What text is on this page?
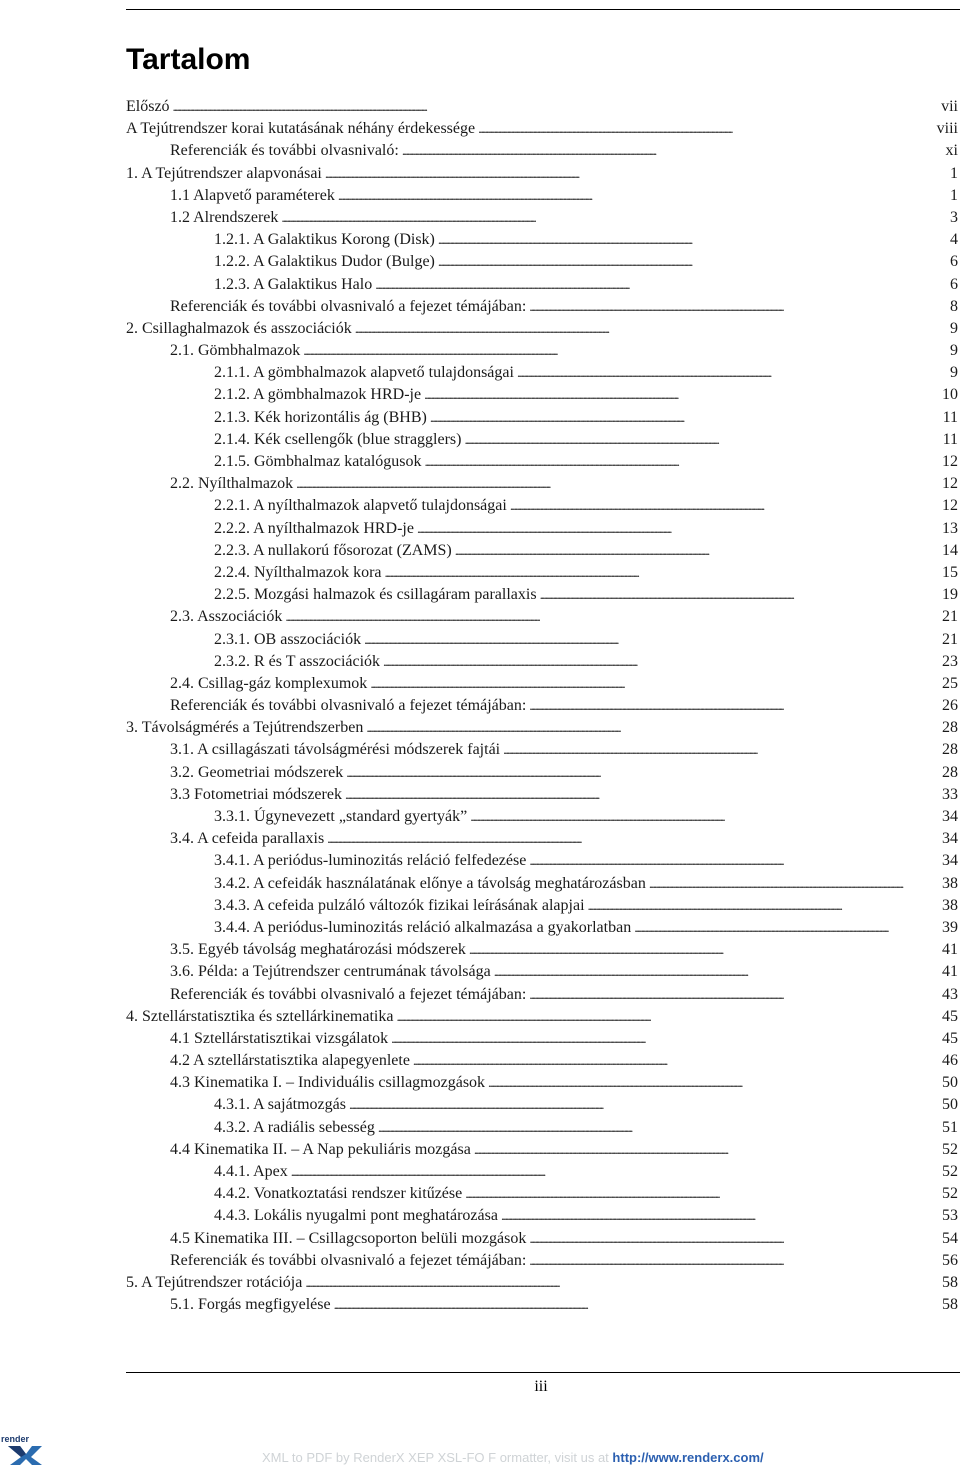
Tartalom
Előszó . . .	vii
A Tejútrendszer korai kutatásának néhány érdekessége . . .	viii
Referenciák és további olvasnivaló: . . .	xi
1. A Tejútrendszer alapvonásai . . .	1
1.1 Alapvető paraméterek . . .	1
1.2 Alrendszerek . . .	3
1.2.1. A Galaktikus Korong (Disk) . . .	4
1.2.2. A Galaktikus Dudor (Bulge) . . .	6
1.2.3. A Galaktikus Halo . . .	6
Referenciák és további olvasnivaló a fejezet témájában: . . .	8
2. Csillaghalmazok és asszociációk . . .	9
2.1. Gömbhalmazok . . .	9
2.1.1. A gömbhalmazok alapvető tulajdonságai . . .	9
2.1.2. A gömbhalmazok HRD-je . . .	10
2.1.3. Kék horizontális ág (BHB) . . .	11
2.1.4. Kék csellengők (blue stragglers) . . .	11
2.1.5. Gömbhalmaz katalógusok . . .	12
2.2. Nyílthalmazok . . .	12
2.2.1. A nyílthalmazok alapvető tulajdonságai . . .	12
2.2.2. A nyílthalmazok HRD-je . . .	13
2.2.3. A nullakorú fősorozat (ZAMS) . . .	14
2.2.4. Nyílthalmazok kora . . .	15
2.2.5. Mozgási halmazok és csillagáram parallaxis . . .	19
2.3. Asszociációk . . .	21
2.3.1. OB asszociációk . . .	21
2.3.2. R és T asszociációk . . .	23
2.4. Csillag-gáz komplexumok . . .	25
Referenciák és további olvasnivaló a fejezet témájában: . . .	26
3. Távolságmérés a Tejútrendszerben . . .	28
3.1. A csillagászati távolságmérési módszerek fajtái . . .	28
3.2. Geometriai módszerek . . .	28
3.3 Fotometriai módszerek . . .	33
3.3.1. Úgynevezett „standard gyertyák” . . .	34
3.4. A cefeida parallaxis . . .	34
3.4.1. A periódus-luminozitás reláció felfedezése . . .	34
3.4.2. A cefeidák használatának előnye a távolság meghatározásban . . .	38
3.4.3. A cefeida pulzáló változók fizikai leírásának alapjai . . .	38
3.4.4. A periódus-luminozitás reláció alkalmazása a gyakorlatban . . .	39
3.5. Egyéb távolság meghatározási módszerek . . .	41
3.6. Példa: a Tejútrendszer centrumának távolsága . . .	41
Referenciák és további olvasnivaló a fejezet témájában: . . .	43
4. Sztellárstatisztika és sztellárkinematika . . .	45
4.1 Sztellárstatisztikai vizsgálatok . . .	45
4.2 A sztellárstatisztika alapegyenlete . . .	46
4.3 Kinematika I. – Individuális csillagmozgások . . .	50
4.3.1. A sajátmozgás . . .	50
4.3.2. A radiális sebesség . . .	51
4.4 Kinematika II. – A Nap pekuliáris mozgása . . .	52
4.4.1. Apex . . .	52
4.4.2. Vonatkoztatási rendszer kitűzése . . .	52
4.4.3. Lokális nyugalmi pont meghatározása . . .	53
4.5 Kinematika III. – Csillagcsoporton belüli mozgások . . .	54
Referenciák és további olvasnivaló a fejezet témájában: . . .	56
5. A Tejútrendszer rotációja . . .	58
5.1. Forgás megfigyelése . . .	58
iii
render
XML to PDF by RenderX XEP XSL-FO F ormatter, visit us at http://www.renderx.com/
